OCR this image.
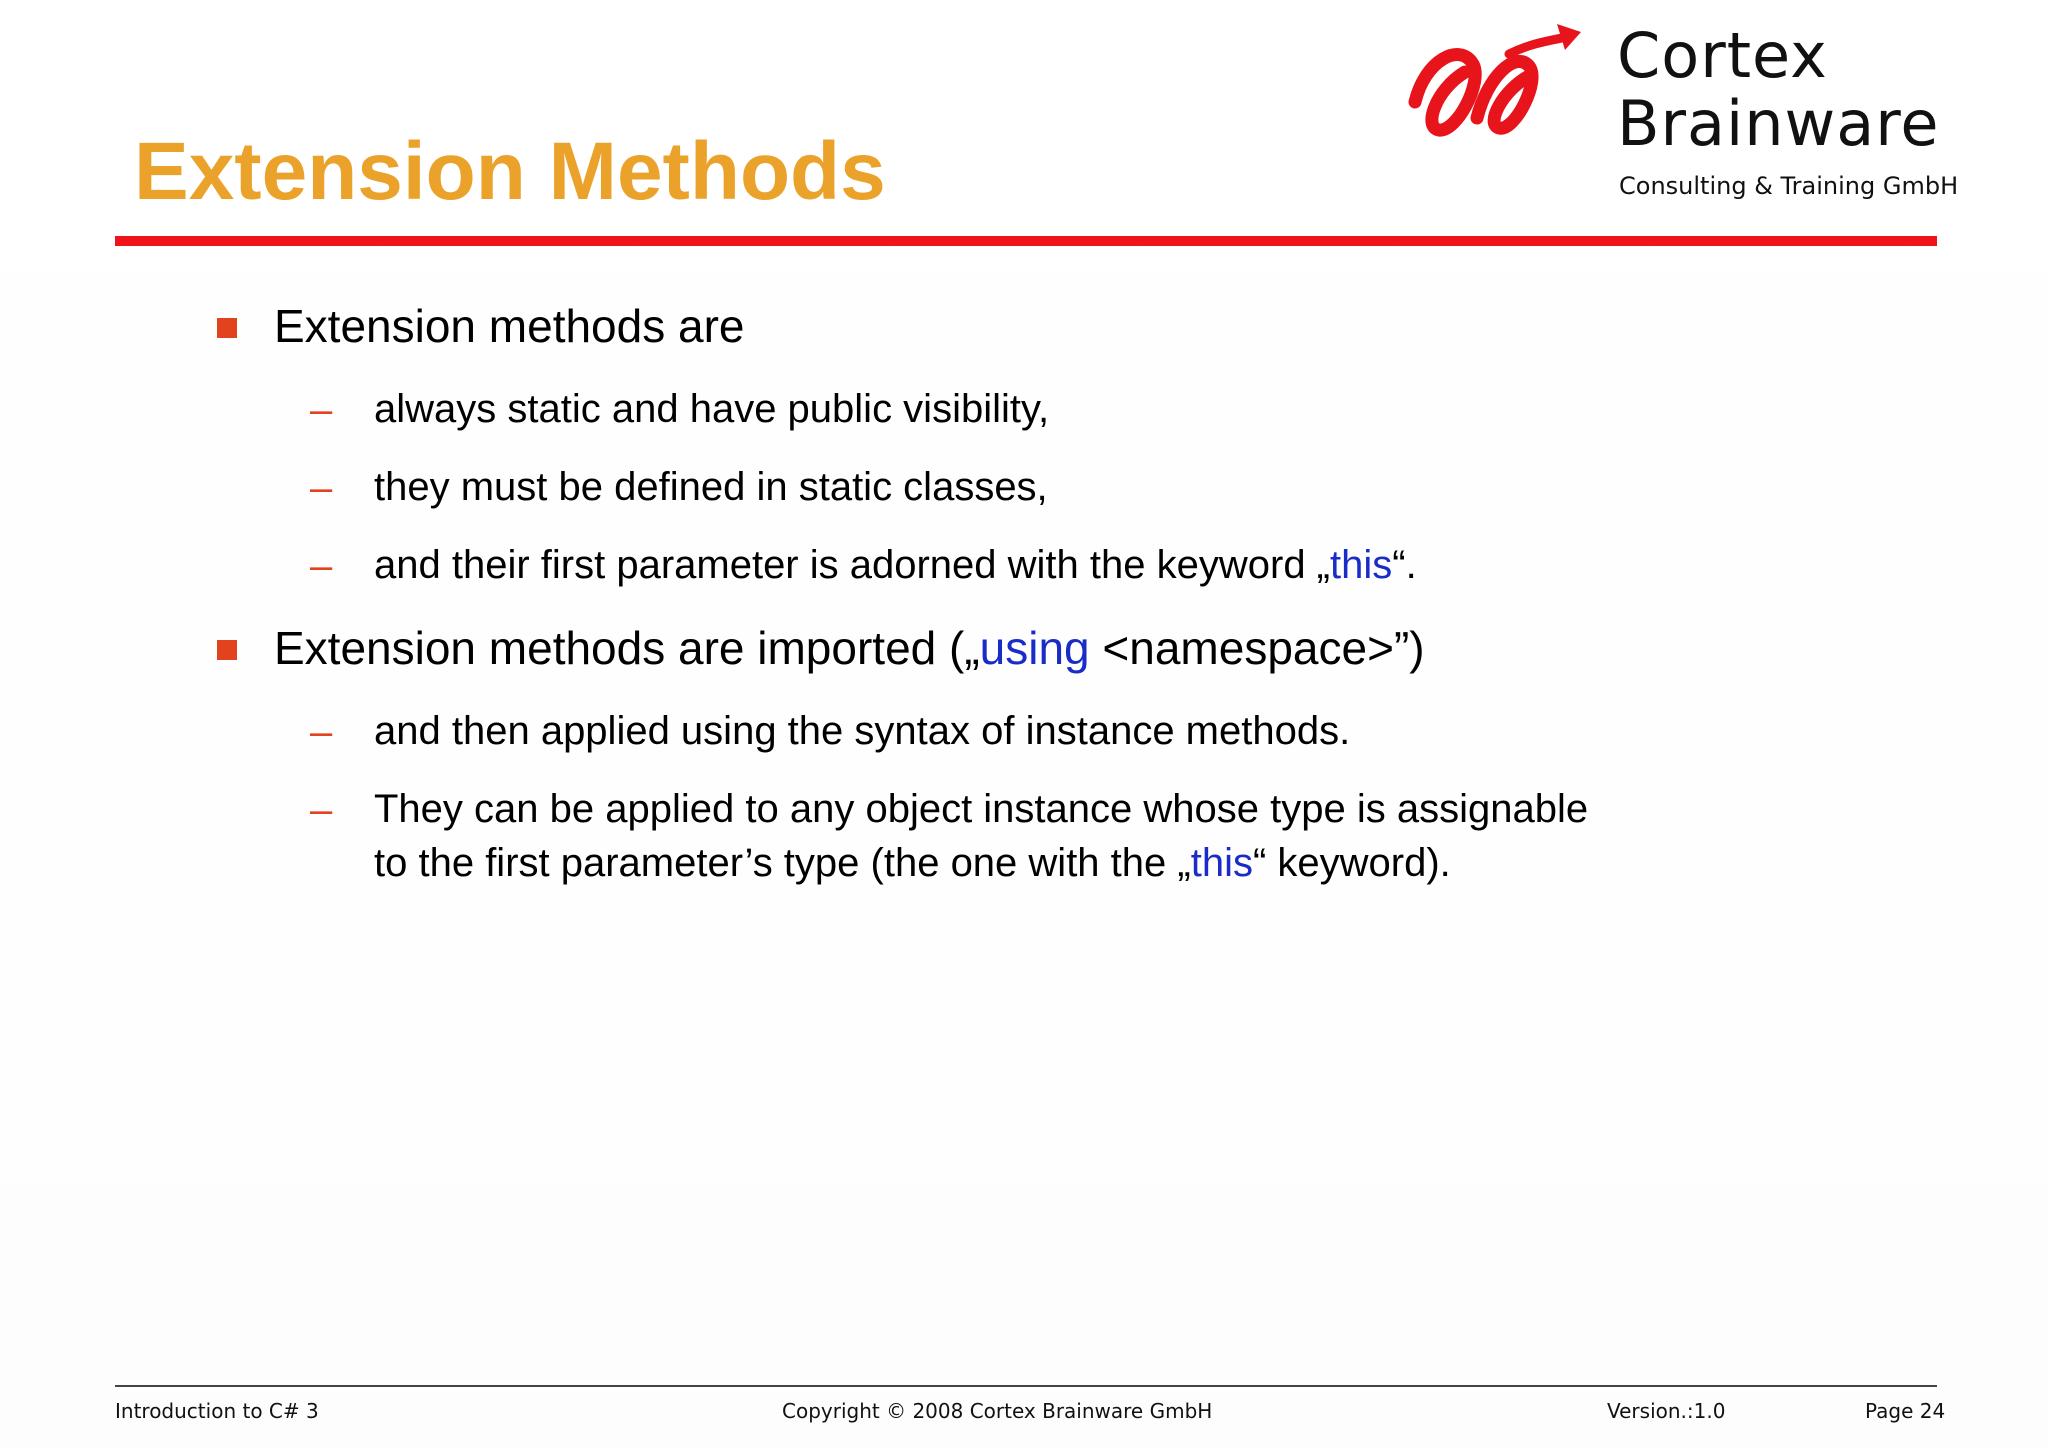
Extension Methods
Cortex
Brainware
Consulting & Training GmbH
Extension methods are
– always static and have public visibility,
– they must be defined in static classes,
– and their first parameter is adorned with the keyword „this“.
Extension methods are imported („using <namespace>”)
– and then applied using the syntax of instance methods.
– They can be applied to any object instance whose type is assignable
to the first parameter’s type (the one with the „this“ keyword).
Introduction to C# 3	Copyright © 2008 Cortex Brainware GmbH	Version.:1.0	Page 24
